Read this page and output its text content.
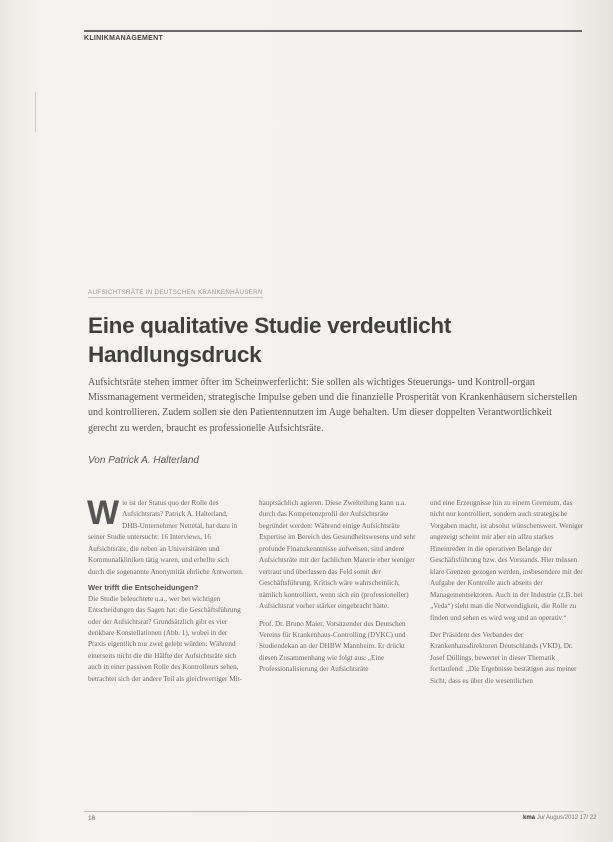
KLINIKMANAGEMENT
AUFSICHTSRÄTE IN DEUTSCHEN KRANKENHÄUSERN
Eine qualitative Studie verdeutlicht
Handlungsdruck
Aufsichtsräte stehen immer öfter im Scheinwerferlicht: Sie sollen als wichtiges Steuerungs- und Kontroll-organ Missmanagement vermeiden, strategische Impulse geben und die finanzielle Prosperität von Krankenhäusern sicherstellen und kontrollieren. Zudem sollen sie den Patientennutzen im Auge behalten. Um dieser doppelten Verantwortlichkeit gerecht zu werden, braucht es professionelle Aufsichtsräte.
Von Patrick A. Halterland

W ie ist der Status quo der Rolle des Aufsichtsrats? Patrick A. Halterland, DHB-Unternehmer Nettetal, hat dazu in seiner Studie untersucht: 16 Interviews, 16 Aufsichtsräte, die neben an Universitäten und Kommunalkliniken tätig waren, und erhellte sich durch die sogenannte Anonymität ehrliche Antworten.

Wer trifft die Entscheidungen?

Die Studie beleuchtete u.a., wer bei wichtigen Entscheidungen das Sagen hat: die Geschäftsführung oder der Aufsichtsrat? Grundsätzlich gibt es vier denkbare Konstellationen (Abb. 1), wobei in der Praxis eigentlich nur zwei gelebt würden: Während einerseits nicht die die Hälfte der Aufsichtsräte sich auch in einer passiven Rolle des Kontrolleurs sehen, betrachtet sich der andere Teil als gleichwertiger Mit-

hauptsächlich agieren. Diese Zweiteilung kann u.a. durch das Kompetenzprofil der Aufsichtsräte begründet werden: Während einige Aufsichtsräte Expertise im Bereich des Gesundheitswesens und sehr profunde Finanzkenntnisse aufweisen, sind andere Aufsichtsräte mit der fachlichen Materie eher weniger vertraut und überlassen das Feld somit der Geschäftsführung. Kritisch wäre wahrscheinlich, nämlich kontrolliert, wenn sich ein (professioneller) Aufsichtsrat vorher stärker eingebracht hätte.

Prof. Dr. Bruno Maier, Vorsitzender des Deutschen Vereins für Krankenhaus-Controlling (DVKC) und Studiendekan an der DHBW Mannheim. Er drückt diesen Zusammenhang wie folgt aus: „Eine Professionalisierung der Aufsichtsräte

und eine Erzeugnisse hin zu einem Gremium, das nicht nur kontrolliert, sondern auch strategische Vorgaben macht, ist absolut wünschenswert. Weniger angezeigt scheint mir aber ein allzu starkes Hineinreden in die operativen Belange der Geschäftsführung bzw. des Vorstands. Hier müssen klare Grenzen gezogen werden, insbesondere mit der Aufgabe der Kontrolle auch abseits der Managementsektoren. Auch in der Industrie (z.B. bei „Veda“) sieht man die Notwendigkeit, die Rolle zu finden und sehen es wird weg und an operativ.“

Der Präsident des Verbandes der Krankenhausdirektoren Deutschlands (VKD), Dr. Josef Düllings, bewertet in dieser Thematik fortlaufend: „Die Ergebnisse bestätigen aus meiner Sicht, dass es über die wesentlichen

16	kma Ju/ Augus/2012 17/ 22
